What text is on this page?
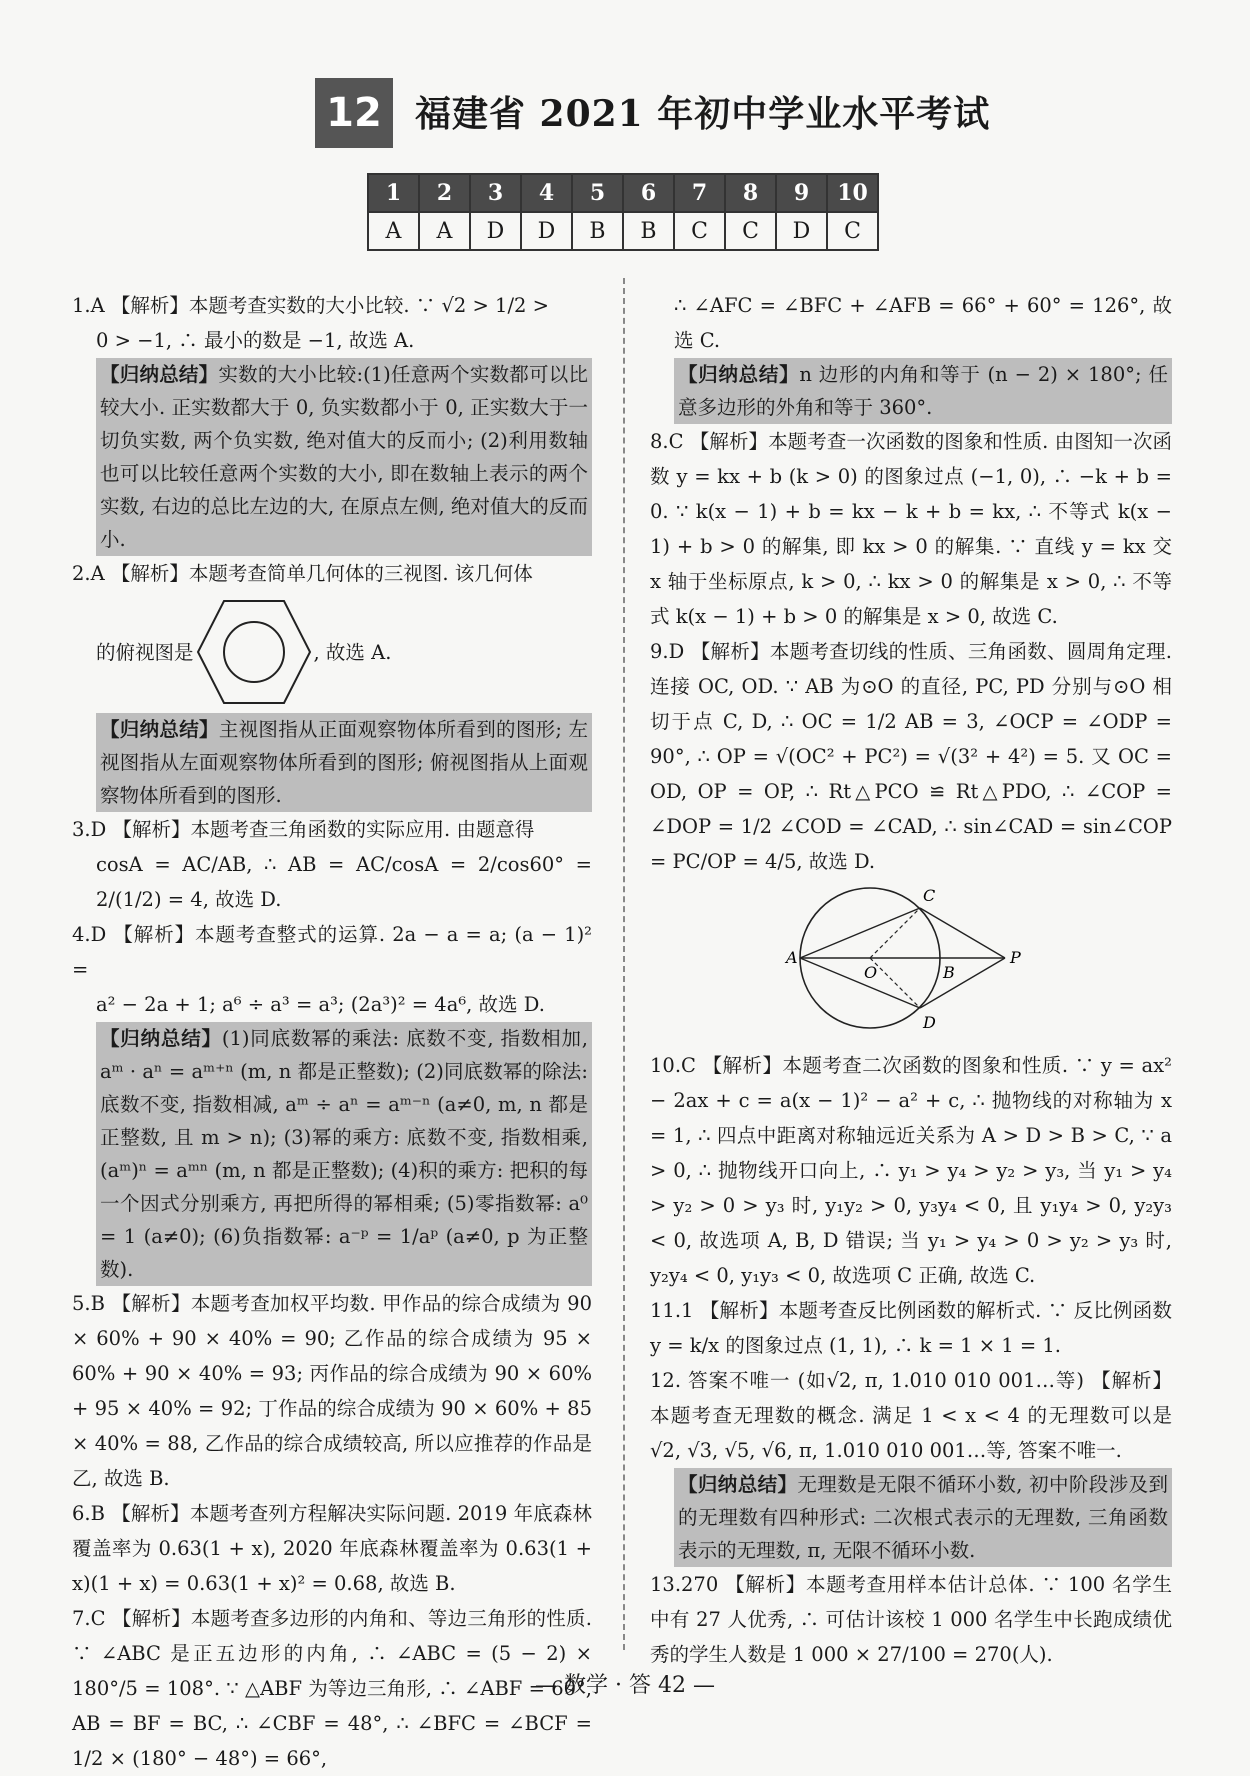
12 福建省 2021 年初中学业水平考试
1	2	3	4	5	6	7	8	9	10
A	A	D	D	B	B	C	C	D	C

1.A 【解析】本题考查实数的大小比较. ∵ √2 > 1/2 >

0 > −1, ∴ 最小的数是 −1, 故选 A.

【归纳总结】实数的大小比较:(1)任意两个实数都可以比较大小. 正实数都大于 0, 负实数都小于 0, 正实数大于一切负实数, 两个负实数, 绝对值大的反而小; (2)利用数轴也可以比较任意两个实数的大小, 即在数轴上表示的两个实数, 右边的总比左边的大, 在原点左侧, 绝对值大的反而小.

2.A 【解析】本题考查简单几何体的三视图. 该几何体

的俯视图是	, 故选 A.

【归纳总结】主视图指从正面观察物体所看到的图形; 左视图指从左面观察物体所看到的图形; 俯视图指从上面观察物体所看到的图形.

3.D 【解析】本题考查三角函数的实际应用. 由题意得

cosA = AC/AB, ∴ AB = AC/cosA = 2/cos60° = 2/(1/2) = 4, 故选 D.

4.D 【解析】本题考查整式的运算. 2a − a = a; (a − 1)² =

a² − 2a + 1; a⁶ ÷ a³ = a³; (2a³)² = 4a⁶, 故选 D.

【归纳总结】(1)同底数幂的乘法: 底数不变, 指数相加, aᵐ · aⁿ = aᵐ⁺ⁿ (m, n 都是正整数); (2)同底数幂的除法: 底数不变, 指数相减, aᵐ ÷ aⁿ = aᵐ⁻ⁿ (a≠0, m, n 都是正整数, 且 m > n); (3)幂的乘方: 底数不变, 指数相乘, (aᵐ)ⁿ = aᵐⁿ (m, n 都是正整数); (4)积的乘方: 把积的每一个因式分别乘方, 再把所得的幂相乘; (5)零指数幂: a⁰ = 1 (a≠0); (6)负指数幂: a⁻ᵖ = 1/aᵖ (a≠0, p 为正整数).

5.B 【解析】本题考查加权平均数. 甲作品的综合成绩为 90 × 60% + 90 × 40% = 90; 乙作品的综合成绩为 95 × 60% + 90 × 40% = 93; 丙作品的综合成绩为 90 × 60% + 95 × 40% = 92; 丁作品的综合成绩为 90 × 60% + 85 × 40% = 88, 乙作品的综合成绩较高, 所以应推荐的作品是乙, 故选 B.

6.B 【解析】本题考查列方程解决实际问题. 2019 年底森林覆盖率为 0.63(1 + x), 2020 年底森林覆盖率为 0.63(1 + x)(1 + x) = 0.63(1 + x)² = 0.68, 故选 B.

7.C 【解析】本题考查多边形的内角和、等边三角形的性质. ∵ ∠ABC 是正五边形的内角, ∴ ∠ABC = (5 − 2) × 180°/5 = 108°. ∵ △ABF 为等边三角形, ∴ ∠ABF = 60°, AB = BF = BC, ∴ ∠CBF = 48°, ∴ ∠BFC = ∠BCF = 1/2 × (180° − 48°) = 66°,

∴ ∠AFC = ∠BFC + ∠AFB = 66° + 60° = 126°, 故选 C.

【归纳总结】n 边形的内角和等于 (n − 2) × 180°; 任意多边形的外角和等于 360°.

8.C 【解析】本题考查一次函数的图象和性质. 由图知一次函数 y = kx + b (k > 0) 的图象过点 (−1, 0), ∴ −k + b = 0. ∵ k(x − 1) + b = kx − k + b = kx, ∴ 不等式 k(x − 1) + b > 0 的解集, 即 kx > 0 的解集. ∵ 直线 y = kx 交 x 轴于坐标原点, k > 0, ∴ kx > 0 的解集是 x > 0, ∴ 不等式 k(x − 1) + b > 0 的解集是 x > 0, 故选 C.

9.D 【解析】本题考查切线的性质、三角函数、圆周角定理. 连接 OC, OD. ∵ AB 为⊙O 的直径, PC, PD 分别与⊙O 相切于点 C, D, ∴ OC = 1/2 AB = 3, ∠OCP = ∠ODP = 90°, ∴ OP = √(OC² + PC²) = √(3² + 4²) = 5. 又 OC = OD, OP = OP, ∴ Rt△PCO ≌ Rt△PDO, ∴ ∠COP = ∠DOP = 1/2 ∠COD = ∠CAD, ∴ sin∠CAD = sin∠COP = PC/OP = 4/5, 故选 D.

A
O	B
P
C
D

10.C 【解析】本题考查二次函数的图象和性质. ∵ y = ax² − 2ax + c = a(x − 1)² − a² + c, ∴ 抛物线的对称轴为 x = 1, ∴ 四点中距离对称轴远近关系为 A > D > B > C, ∵ a > 0, ∴ 抛物线开口向上, ∴ y₁ > y₄ > y₂ > y₃, 当 y₁ > y₄ > y₂ > 0 > y₃ 时, y₁y₂ > 0, y₃y₄ < 0, 且 y₁y₄ > 0, y₂y₃ < 0, 故选项 A, B, D 错误; 当 y₁ > y₄ > 0 > y₂ > y₃ 时, y₂y₄ < 0, y₁y₃ < 0, 故选项 C 正确, 故选 C.

11.1 【解析】本题考查反比例函数的解析式. ∵ 反比例函数 y = k/x 的图象过点 (1, 1), ∴ k = 1 × 1 = 1.

12. 答案不唯一 (如√2, π, 1.010 010 001…等) 【解析】本题考查无理数的概念. 满足 1 < x < 4 的无理数可以是 √2, √3, √5, √6, π, 1.010 010 001…等, 答案不唯一.

【归纳总结】无理数是无限不循环小数, 初中阶段涉及到的无理数有四种形式: 二次根式表示的无理数, 三角函数表示的无理数, π, 无限不循环小数.

13.270 【解析】本题考查用样本估计总体. ∵ 100 名学生中有 27 人优秀, ∴ 可估计该校 1 000 名学生中长跑成绩优秀的学生人数是 1 000 × 27/100 = 270(人).

— 数学 · 答 42 —
